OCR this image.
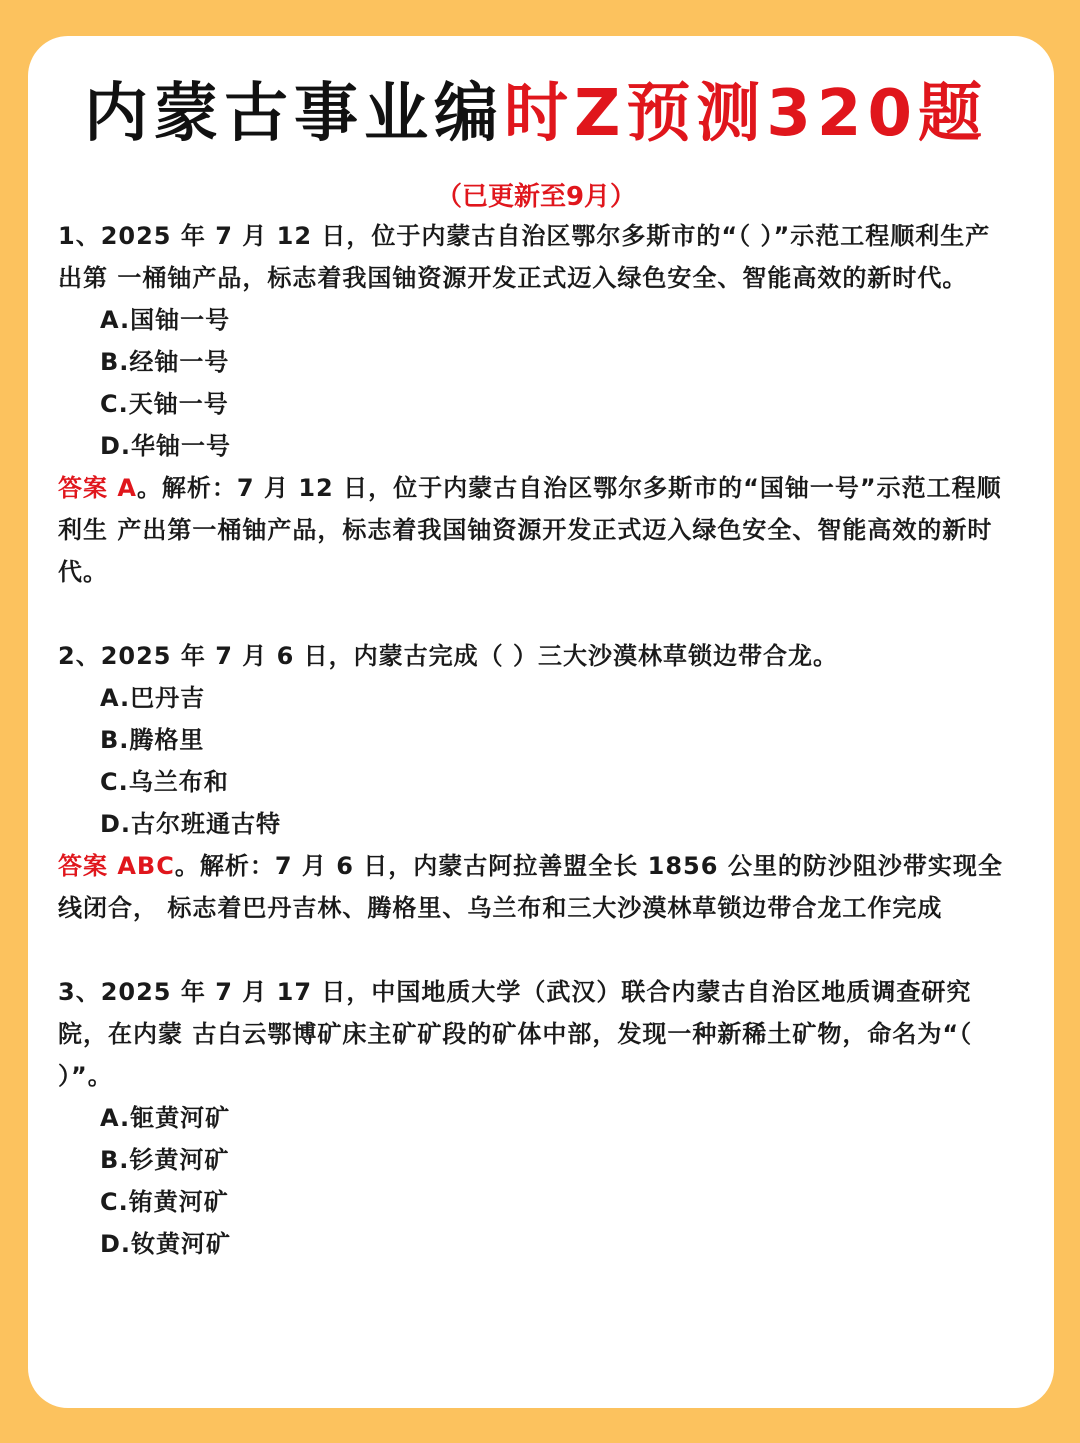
内蒙古事业编时Z预测320题
（已更新至9月）

1、2025 年 7 月 12 日，位于内蒙古自治区鄂尔多斯市的“（ ）”示范工程顺利生产出第 一桶铀产品，标志着我国铀资源开发正式迈入绿色安全、智能高效的新时代。

A.国铀一号
B.经铀一号
C.天铀一号
D.华铀一号

答案 A。解析：7 月 12 日，位于内蒙古自治区鄂尔多斯市的“国铀一号”示范工程顺利生 产出第一桶铀产品，标志着我国铀资源开发正式迈入绿色安全、智能高效的新时代。

2、2025 年 7 月 6 日，内蒙古完成（ ）三大沙漠林草锁边带合龙。

A.巴丹吉
B.腾格里
C.乌兰布和
D.古尔班通古特

答案 ABC。解析：7 月 6 日，内蒙古阿拉善盟全长 1856 公里的防沙阻沙带实现全线闭合， 标志着巴丹吉林、腾格里、乌兰布和三大沙漠林草锁边带合龙工作完成

3、2025 年 7 月 17 日，中国地质大学（武汉）联合内蒙古自治区地质调查研究院，在内蒙 古白云鄂博矿床主矿矿段的矿体中部，发现一种新稀土矿物，命名为“（ ）”。

A.钷黄河矿
B.钐黄河矿
C.铕黄河矿
D.钕黄河矿
